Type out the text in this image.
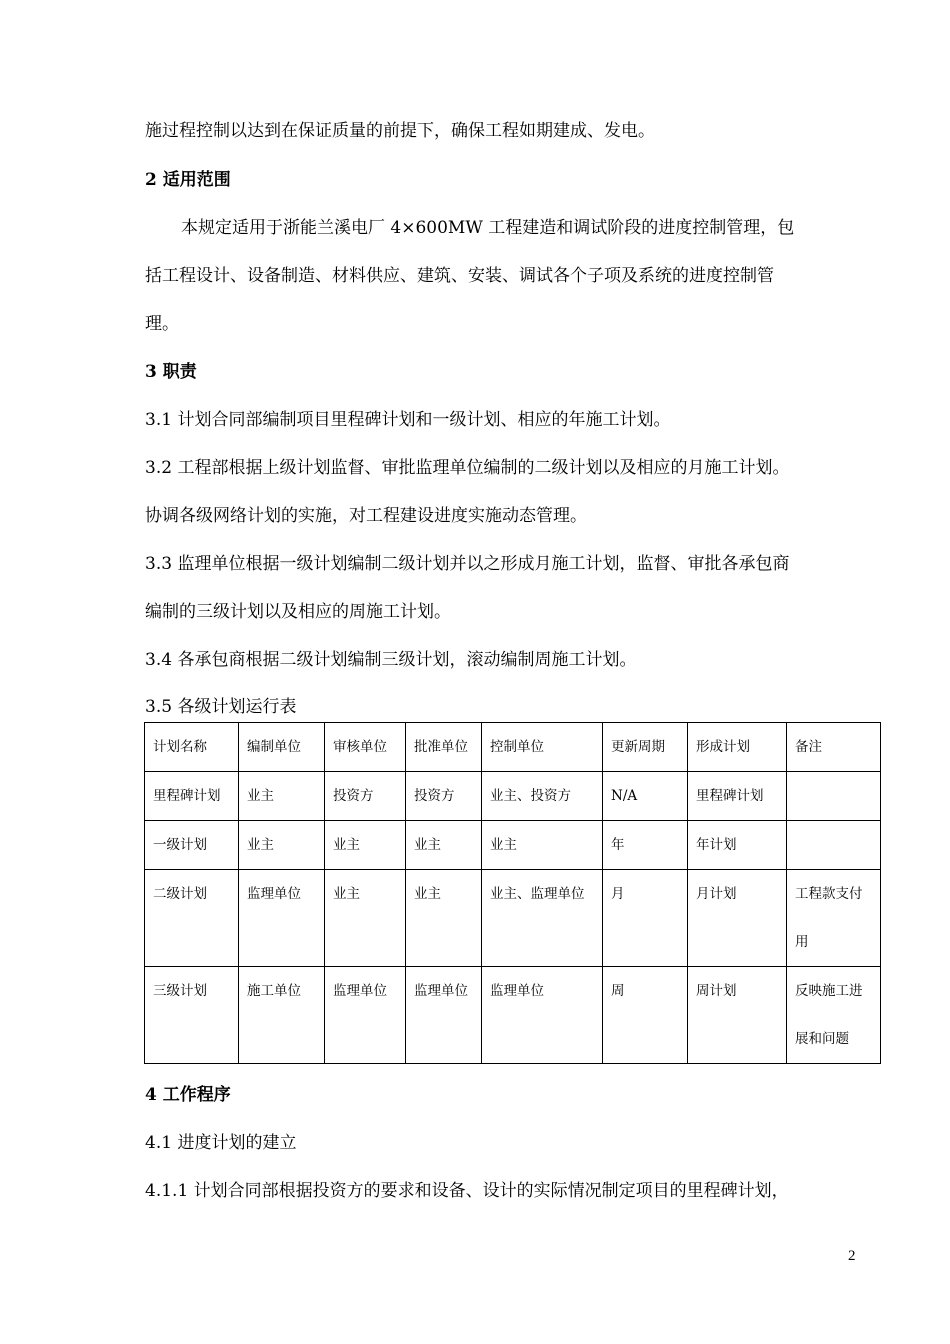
施过程控制以达到在保证质量的前提下，确保工程如期建成、发电。

2 适用范围

本规定适用于浙能兰溪电厂 4×600MW 工程建造和调试阶段的进度控制管理，包

括工程设计、设备制造、材料供应、建筑、安装、调试各个子项及系统的进度控制管

理。

3 职责

3.1 计划合同部编制项目里程碑计划和一级计划、相应的年施工计划。

3.2 工程部根据上级计划监督、审批监理单位编制的二级计划以及相应的月施工计划。

协调各级网络计划的实施，对工程建设进度实施动态管理。

3.3 监理单位根据一级计划编制二级计划并以之形成月施工计划，监督、审批各承包商

编制的三级计划以及相应的周施工计划。

3.4 各承包商根据二级计划编制三级计划，滚动编制周施工计划。

3.5 各级计划运行表

计划名称	编制单位	审核单位	批准单位	控制单位	更新周期	形成计划	备注
里程碑计划	业主	投资方	投资方	业主、投资方	N/A	里程碑计划	
一级计划	业主	业主	业主	业主	年	年计划	
二级计划	监理单位	业主	业主	业主、监理单位	月	月计划	工程款支付用
三级计划	施工单位	监理单位	监理单位	监理单位	周	周计划	反映施工进展和问题

4 工作程序

4.1 进度计划的建立

4.1.1 计划合同部根据投资方的要求和设备、设计的实际情况制定项目的里程碑计划，

2
